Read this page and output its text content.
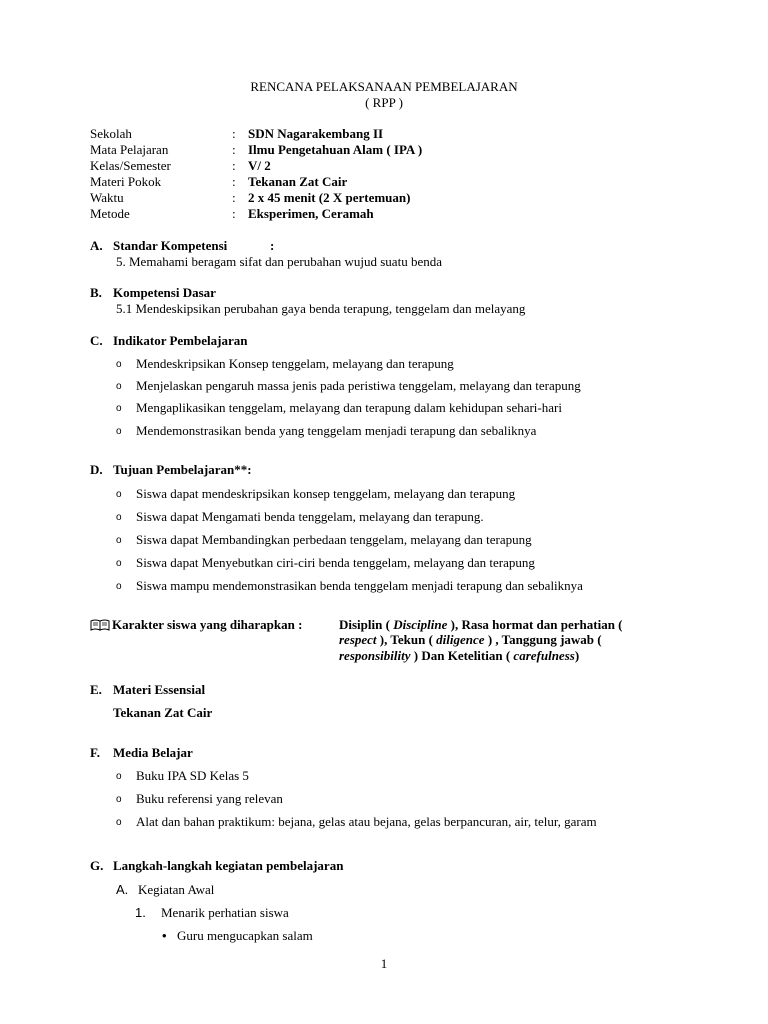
RENCANA PELAKSANAAN PEMBELAJARAN
( RPP )
Sekolah	: SDN Nagarakembang II
Mata Pelajaran	: Ilmu Pengetahuan Alam ( IPA )
Kelas/Semester	: V/ 2
Materi Pokok	: Tekanan Zat Cair
Waktu	: 2 x 45 menit (2 X pertemuan)
Metode	: Eksperimen, Ceramah
A. Standar Kompetensi	:
5. Memahami beragam sifat dan perubahan wujud suatu benda
B. Kompetensi Dasar
5.1 Mendeskipsikan perubahan gaya benda terapung, tenggelam dan melayang
C. Indikator Pembelajaran
o Mendeskripsikan Konsep tenggelam, melayang dan terapung
o Menjelaskan pengaruh massa jenis pada peristiwa tenggelam, melayang dan terapung
o Mengaplikasikan tenggelam, melayang dan terapung dalam kehidupan sehari-hari
o Mendemonstrasikan benda yang tenggelam menjadi terapung dan sebaliknya
D. Tujuan Pembelajaran**:
o Siswa dapat mendeskripsikan konsep tenggelam, melayang dan terapung
o Siswa dapat Mengamati benda tenggelam, melayang dan terapung.
o Siswa dapat Membandingkan perbedaan tenggelam, melayang dan terapung
o Siswa dapat Menyebutkan ciri-ciri benda tenggelam, melayang dan terapung
o Siswa mampu mendemonstrasikan benda tenggelam menjadi terapung dan sebaliknya
Karakter siswa yang diharapkan :	Disiplin ( Discipline ), Rasa hormat dan perhatian (
respect ), Tekun ( diligence ) , Tanggung jawab (
responsibility ) Dan Ketelitian ( carefulness)
E. Materi Essensial
Tekanan Zat Cair
F. Media Belajar
o Buku IPA SD Kelas 5
o Buku referensi yang relevan
o Alat dan bahan praktikum: bejana, gelas atau bejana, gelas berpancuran, air, telur, garam
G. Langkah-langkah kegiatan pembelajaran
A. Kegiatan Awal
1. Menarik perhatian siswa
• Guru mengucapkan salam
1
